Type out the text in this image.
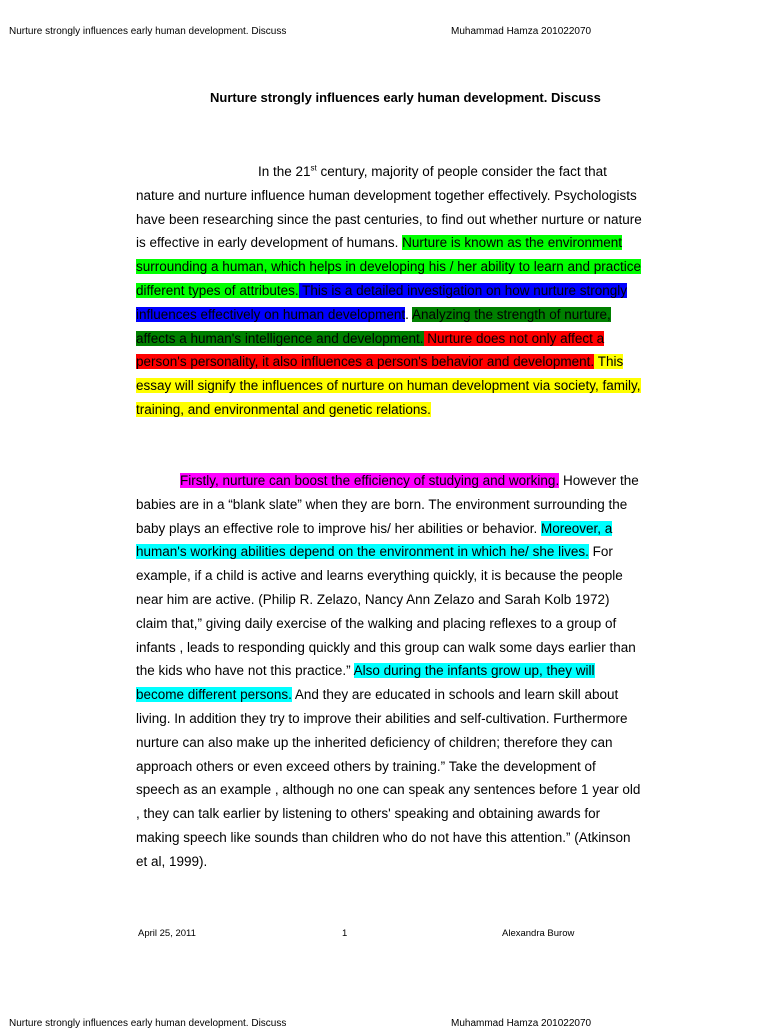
Nurture strongly influences early human development. Discuss	Muhammad Hamza 201022070
Nurture strongly influences early human development. Discuss
In the 21st century, majority of people consider the fact that
nature and nurture influence human development together effectively. Psychologists
have been researching since the past centuries, to find out whether nurture or nature
is effective in early development of humans. Nurture is known as the environment
surrounding a human, which helps in developing his / her ability to learn and practice
different types of attributes. This is a detailed investigation on how nurture strongly
influences effectively on human development. Analyzing the strength of nurture,
affects a human's intelligence and development. Nurture does not only affect a
person's personality, it also influences a person's behavior and development. This
essay will signify the influences of nurture on human development via society, family,
training, and environmental and genetic relations.
Firstly, nurture can boost the efficiency of studying and working. However the
babies are in a “blank slate” when they are born. The environment surrounding the
baby plays an effective role to improve his/ her abilities or behavior. Moreover, a
human's working abilities depend on the environment in which he/ she lives. For
example, if a child is active and learns everything quickly, it is because the people
near him are active. (Philip R. Zelazo, Nancy Ann Zelazo and Sarah Kolb 1972)
claim that,” giving daily exercise of the walking and placing reflexes to a group of
infants , leads to responding quickly and this group can walk some days earlier than
the kids who have not this practice.” Also during the infants grow up, they will
become different persons. And they are educated in schools and learn skill about
living. In addition they try to improve their abilities and self-cultivation. Furthermore
nurture can also make up the inherited deficiency of children; therefore they can
approach others or even exceed others by training.” Take the development of
speech as an example , although no one can speak any sentences before 1 year old
, they can talk earlier by listening to others' speaking and obtaining awards for
making speech like sounds than children who do not have this attention.” (Atkinson
et al, 1999).
April 25, 2011	1	Alexandra Burow
Nurture strongly influences early human development. Discuss	Muhammad Hamza 201022070
